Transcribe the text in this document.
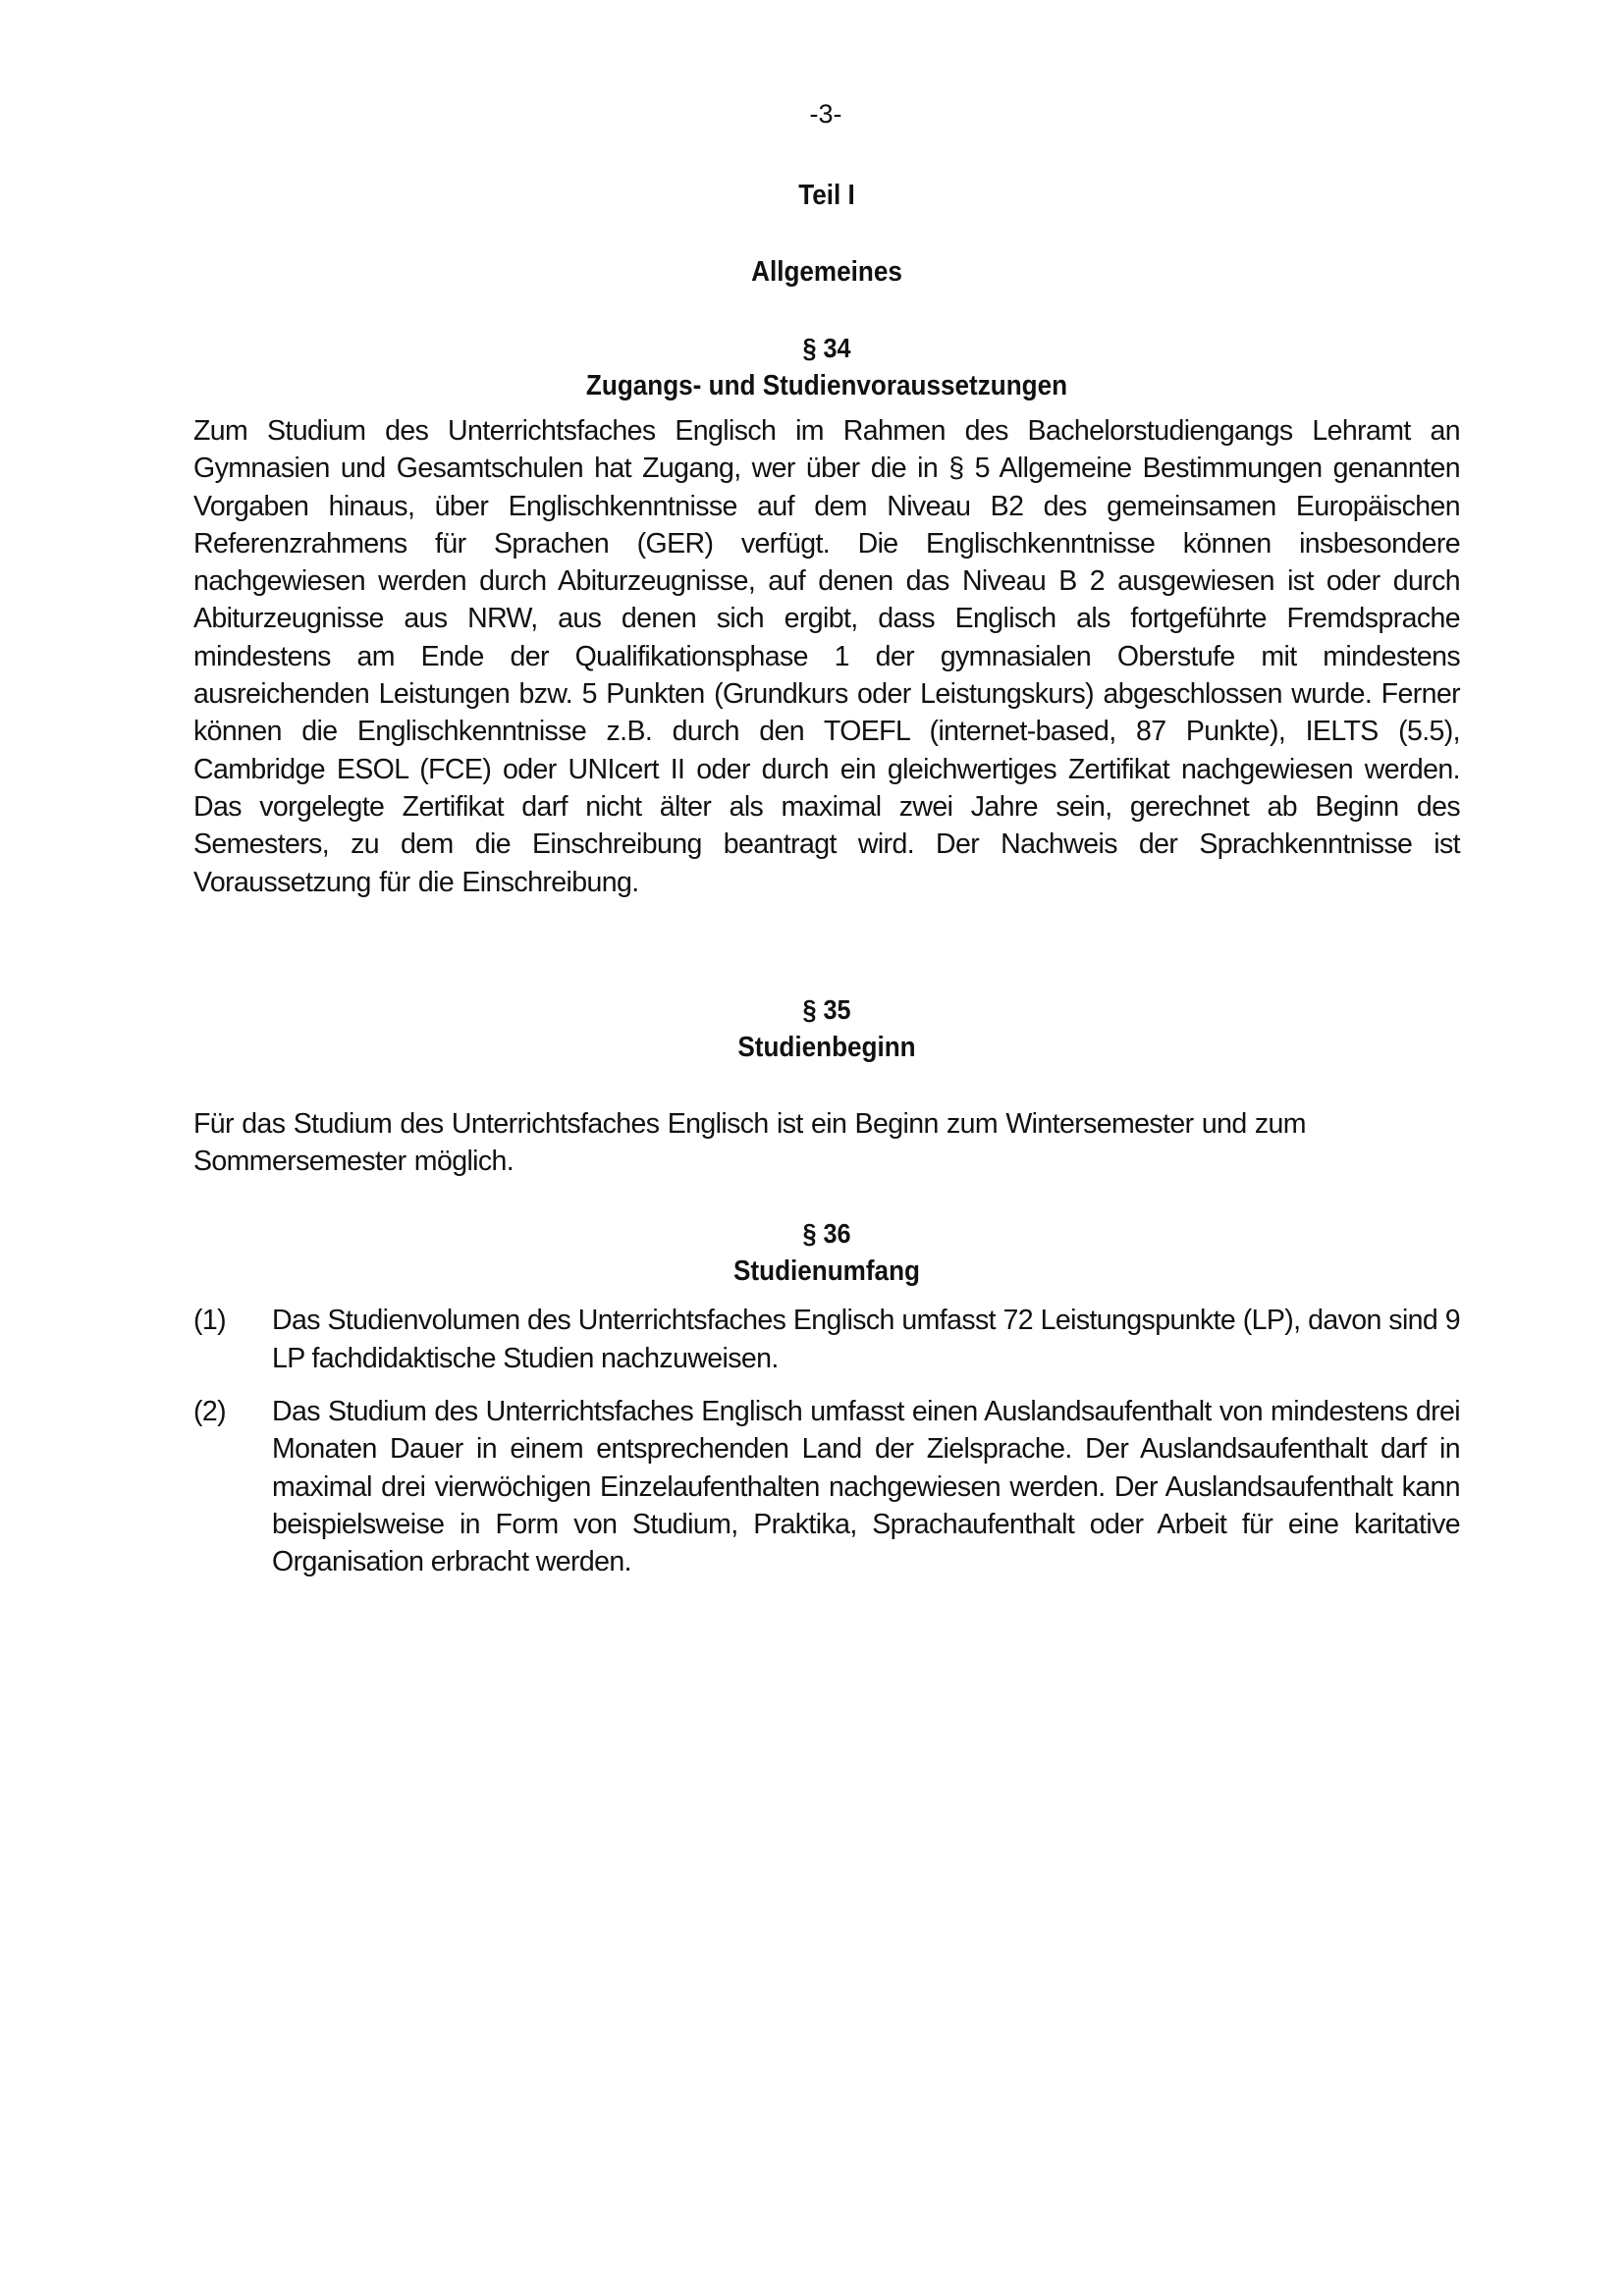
-3-
Teil I
Allgemeines
§ 34
Zugangs- und Studienvoraussetzungen

Zum Studium des Unterrichtsfaches Englisch im Rahmen des Bachelorstudiengangs Lehramt an Gymnasien und Gesamtschulen hat Zugang, wer über die in § 5 Allgemeine Bestimmungen genannten Vorgaben hinaus, über Englischkenntnisse auf dem Niveau B2 des gemeinsamen Europäischen Referenzrahmens für Sprachen (GER) verfügt. Die Englischkenntnisse können insbesondere nachgewiesen werden durch Abiturzeugnisse, auf denen das Niveau B 2 ausgewiesen ist oder durch Abiturzeugnisse aus NRW, aus denen sich ergibt, dass Englisch als fortgeführte Fremdsprache mindestens am Ende der Qualifikationsphase 1 der gymnasialen Oberstufe mit mindestens ausreichenden Leistungen bzw. 5 Punkten (Grundkurs oder Leistungskurs) abgeschlossen wurde. Ferner können die Englischkenntnisse z.B. durch den TOEFL (internet-based, 87 Punkte), IELTS (5.5), Cambridge ESOL (FCE) oder UNIcert II oder durch ein gleichwertiges Zertifikat nachgewiesen werden. Das vorgelegte Zertifikat darf nicht älter als maximal zwei Jahre sein, gerechnet ab Beginn des Semesters, zu dem die Einschreibung beantragt wird. Der Nachweis der Sprachkenntnisse ist Voraussetzung für die Einschreibung.

§ 35
Studienbeginn

Für das Studium des Unterrichtsfaches Englisch ist ein Beginn zum Wintersemester und zum Sommersemester möglich.

§ 36
Studienumfang
(1)	Das Studienvolumen des Unterrichtsfaches Englisch umfasst 72 Leistungspunkte (LP), davon sind 9 LP fachdidaktische Studien nachzuweisen.
(2)	Das Studium des Unterrichtsfaches Englisch umfasst einen Auslandsaufenthalt von mindestens drei Monaten Dauer in einem entsprechenden Land der Zielsprache. Der Auslandsaufenthalt darf in maximal drei vierwöchigen Einzelaufenthalten nachgewiesen werden. Der Auslandsaufenthalt kann beispielsweise in Form von Studium, Praktika, Sprachaufenthalt oder Arbeit für eine karitative Organisation erbracht werden.
